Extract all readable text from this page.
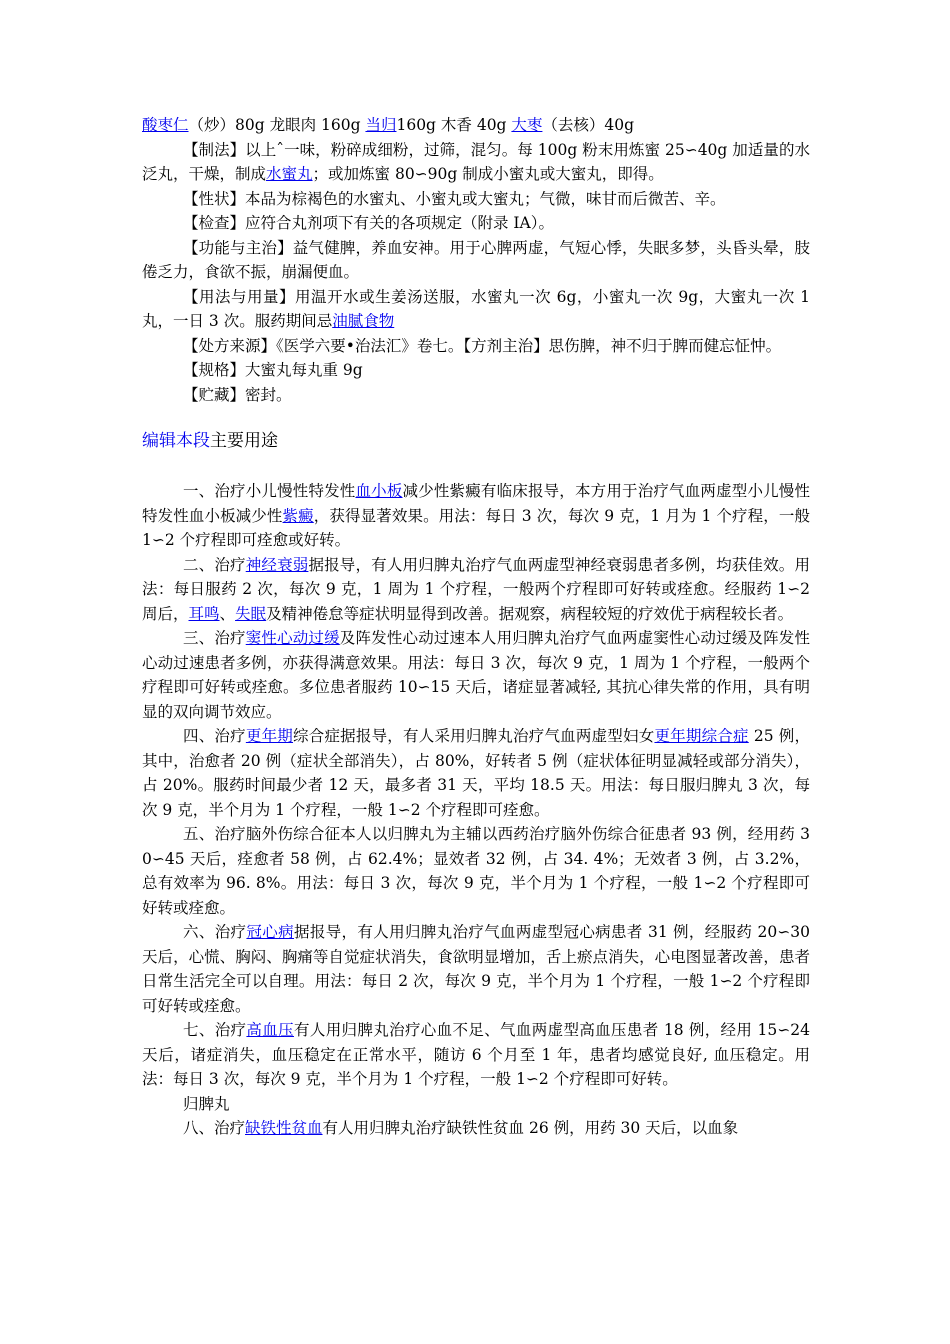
酸枣仁（炒）80g 龙眼肉 160g 当归160g 木香 40g 大枣（去核）40g

【制法】以上ˆ一味，粉碎成细粉，过筛，混匀。每 100g 粉末用炼蜜 25∽40g 加适量的水泛丸，干燥，制成水蜜丸；或加炼蜜 80∽90g 制成小蜜丸或大蜜丸，即得。

【性状】本品为棕褐色的水蜜丸、小蜜丸或大蜜丸；气微，味甘而后微苦、辛。

【检查】应符合丸剂项下有关的各项规定（附录 IA）。

【功能与主治】益气健脾，养血安神。用于心脾两虚，气短心悸，失眠多梦，头昏头晕，肢倦乏力，食欲不振，崩漏便血。

【用法与用量】用温开水或生姜汤送服，水蜜丸一次 6g，小蜜丸一次 9g，大蜜丸一次 1 丸，一日 3 次。服药期间忌油腻食物

【处方来源】《医学六要•治法汇》卷七。【方剂主治】思伤脾，神不归于脾而健忘怔忡。

【规格】大蜜丸每丸重 9g

【贮藏】密封。

编辑本段主要用途

一、治疗小儿慢性特发性血小板减少性紫癜有临床报导，本方用于治疗气血两虚型小儿慢性特发性血小板减少性紫癜，获得显著效果。用法：每日 3 次，每次 9 克，1 月为 1 个疗程，一般 1∽2 个疗程即可痊愈或好转。

二、治疗神经衰弱据报导，有人用归脾丸治疗气血两虚型神经衰弱患者多例，均获佳效。用法：每日服药 2 次，每次 9 克，1 周为 1 个疗程，一般两个疗程即可好转或痊愈。经服药 1∽2 周后，耳鸣、失眠及精神倦怠等症状明显得到改善。据观察，病程较短的疗效优于病程较长者。

三、治疗窦性心动过缓及阵发性心动过速本人用归脾丸治疗气血两虚窦性心动过缓及阵发性心动过速患者多例，亦获得满意效果。用法：每日 3 次，每次 9 克，1 周为 1 个疗程，一般两个疗程即可好转或痊愈。多位患者服药 10∽15 天后，诸症显著减轻, 其抗心律失常的作用，具有明显的双向调节效应。

四、治疗更年期综合症据报导，有人采用归脾丸治疗气血两虚型妇女更年期综合症 25 例，其中，治愈者 20 例（症状全部消失），占 80%，好转者 5 例（症状体征明显减轻或部分消失），占 20%。服药时间最少者 12 天，最多者 31 天，平均 18.5 天。用法：每日服归脾丸 3 次，每次 9 克，半个月为 1 个疗程，一般 1∽2 个疗程即可痊愈。

五、治疗脑外伤综合征本人以归脾丸为主辅以西药治疗脑外伤综合征患者 93 例，经用药 30∽45 天后，痊愈者 58 例，占 62.4%；显效者 32 例，占 34. 4%；无效者 3 例，占 3.2%，总有效率为 96. 8%。用法：每日 3 次，每次 9 克，半个月为 1 个疗程，一般 1∽2 个疗程即可好转或痊愈。

六、治疗冠心病据报导，有人用归脾丸治疗气血两虚型冠心病患者 31 例，经服药 20∽30 天后，心慌、胸闷、胸痛等自觉症状消失，食欲明显增加，舌上瘀点消失，心电图显著改善，患者日常生活完全可以自理。用法：每日 2 次，每次 9 克，半个月为 1 个疗程，一般 1∽2 个疗程即可好转或痊愈。

七、治疗高血压有人用归脾丸治疗心血不足、气血两虚型高血压患者 18 例，经用 15∽24 天后，诸症消失，血压稳定在正常水平，随访 6 个月至 1 年，患者均感觉良好, 血压稳定。用法：每日 3 次，每次 9 克，半个月为 1 个疗程，一般 1∽2 个疗程即可好转。

归脾丸

八、治疗缺铁性贫血有人用归脾丸治疗缺铁性贫血 26 例，用药 30 天后，以血象
